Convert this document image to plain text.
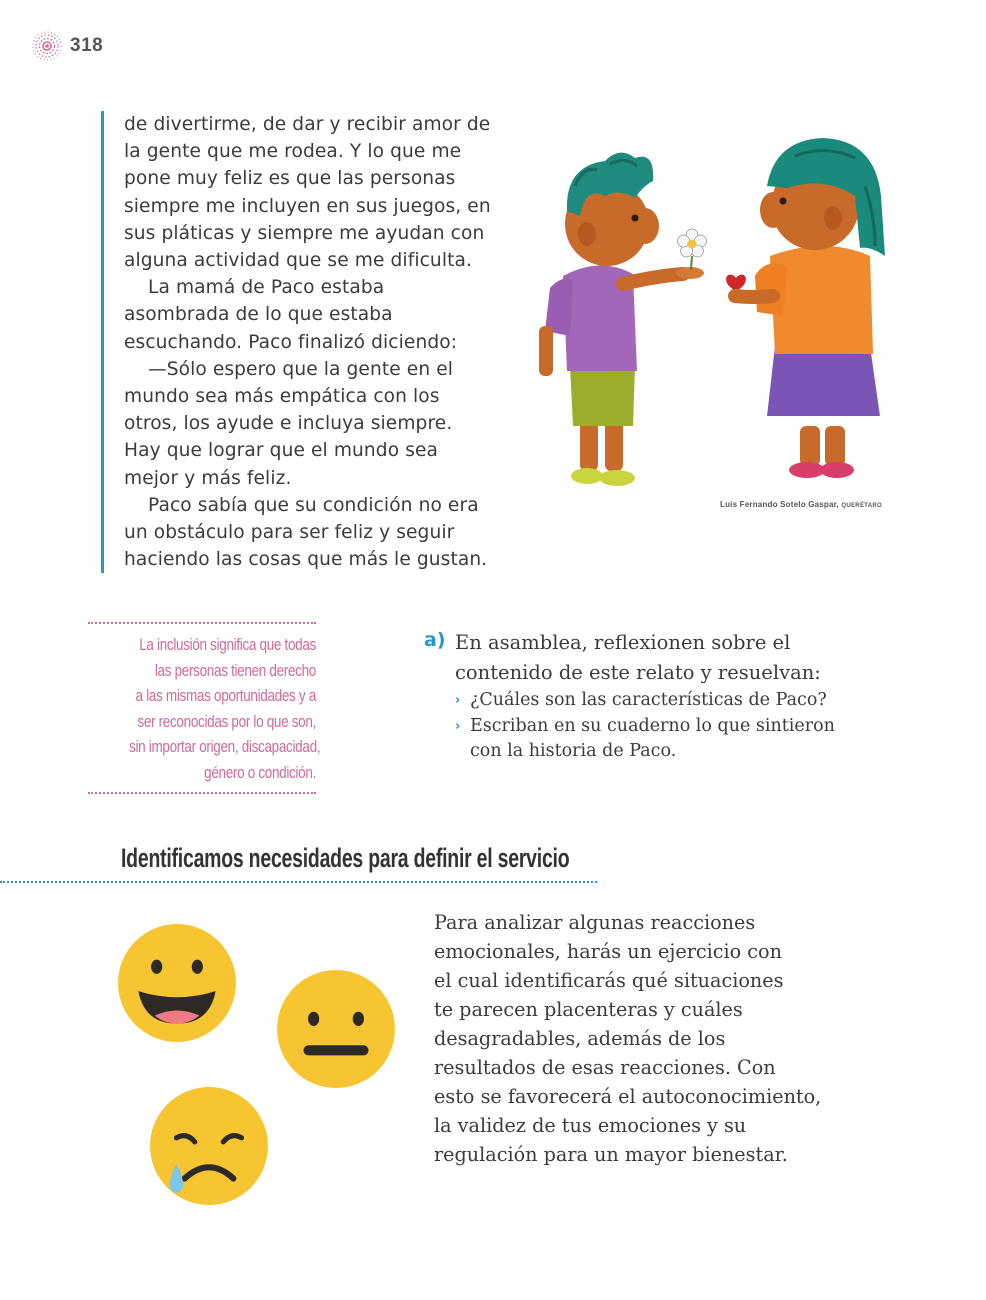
318
de divertirme, de dar y recibir amor de
la gente que me rodea. Y lo que me
pone muy feliz es que las personas
siempre me incluyen en sus juegos, en
sus pláticas y siempre me ayudan con
alguna actividad que se me dificulta.
La mamá de Paco estaba
asombrada de lo que estaba
escuchando. Paco finalizó diciendo:
—Sólo espero que la gente en el
mundo sea más empática con los
otros, los ayude e incluya siempre.
Hay que lograr que el mundo sea
mejor y más feliz.
Paco sabía que su condición no era
un obstáculo para ser feliz y seguir
haciendo las cosas que más le gustan.
Luis Fernando Sotelo Gaspar, QUERÉTARO
La inclusión significa que todas
las personas tienen derecho
a las mismas oportunidades y a
ser reconocidas por lo que son,
sin importar origen, discapacidad,
género o condición.
a) En asamblea, reflexionen sobre el
contenido de este relato y resuelvan:
› ¿Cuáles son las características de Paco?
› Escriban en su cuaderno lo que sintieron
con la historia de Paco.
Identificamos necesidades para definir el servicio
Para analizar algunas reacciones
emocionales, harás un ejercicio con
el cual identificarás qué situaciones
te parecen placenteras y cuáles
desagradables, además de los
resultados de esas reacciones. Con
esto se favorecerá el autoconocimiento,
la validez de tus emociones y su
regulación para un mayor bienestar.
